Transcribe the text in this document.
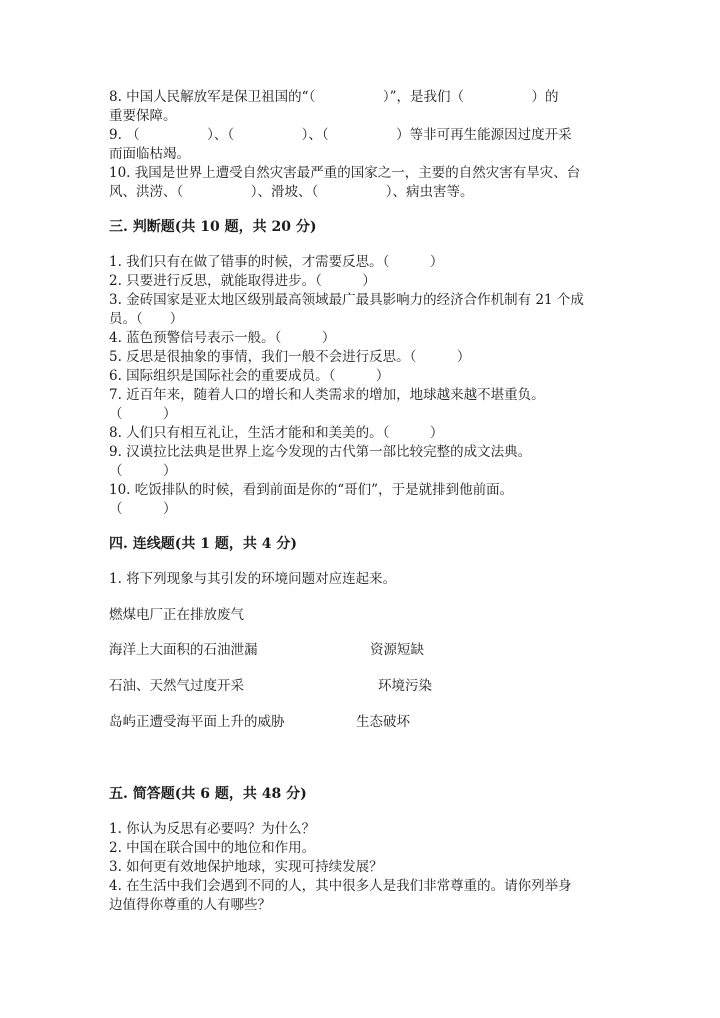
8. 中国人民解放军是保卫祖国的“（　　　　　）”，是我们（　　　　　）的

重要保障。

9. （　　　　　）、（　　　　　）、（　　　　　）等非可再生能源因过度开采

而面临枯竭。

10. 我国是世界上遭受自然灾害最严重的国家之一，主要的自然灾害有旱灾、台

风、洪涝、（　　　　　）、滑坡、（　　　　　）、病虫害等。

三. 判断题(共 10 题，共 20 分)

1. 我们只有在做了错事的时候，才需要反思。（　　　）

2. 只要进行反思，就能取得进步。（　　　）

3. 金砖国家是亚太地区级别最高领域最广最具影响力的经济合作机制有 21 个成

员。（　　）

4. 蓝色预警信号表示一般。（　　　）

5. 反思是很抽象的事情，我们一般不会进行反思。（　　　）

6. 国际组织是国际社会的重要成员。（　　　）

7. 近百年来，随着人口的增长和人类需求的增加，地球越来越不堪重负。

（　　　）

8. 人们只有相互礼让，生活才能和和美美的。（　　　）

9. 汉谟拉比法典是世界上迄今发现的古代第一部比较完整的成文法典。

（　　　）

10. 吃饭排队的时候，看到前面是你的“哥们”，于是就排到他前面。

（　　　）

四. 连线题(共 1 题，共 4 分)

1. 将下列现象与其引发的环境问题对应连起来。

燃煤电厂正在排放废气

海洋上大面积的石油泄漏

石油、天然气过度开采

岛屿正遭受海平面上升的威胁

资源短缺
环境污染
生态破坏

五. 简答题(共 6 题，共 48 分)

1. 你认为反思有必要吗？为什么？

2. 中国在联合国中的地位和作用。

3. 如何更有效地保护地球，实现可持续发展？

4. 在生活中我们会遇到不同的人，其中很多人是我们非常尊重的。请你列举身

边值得你尊重的人有哪些？
